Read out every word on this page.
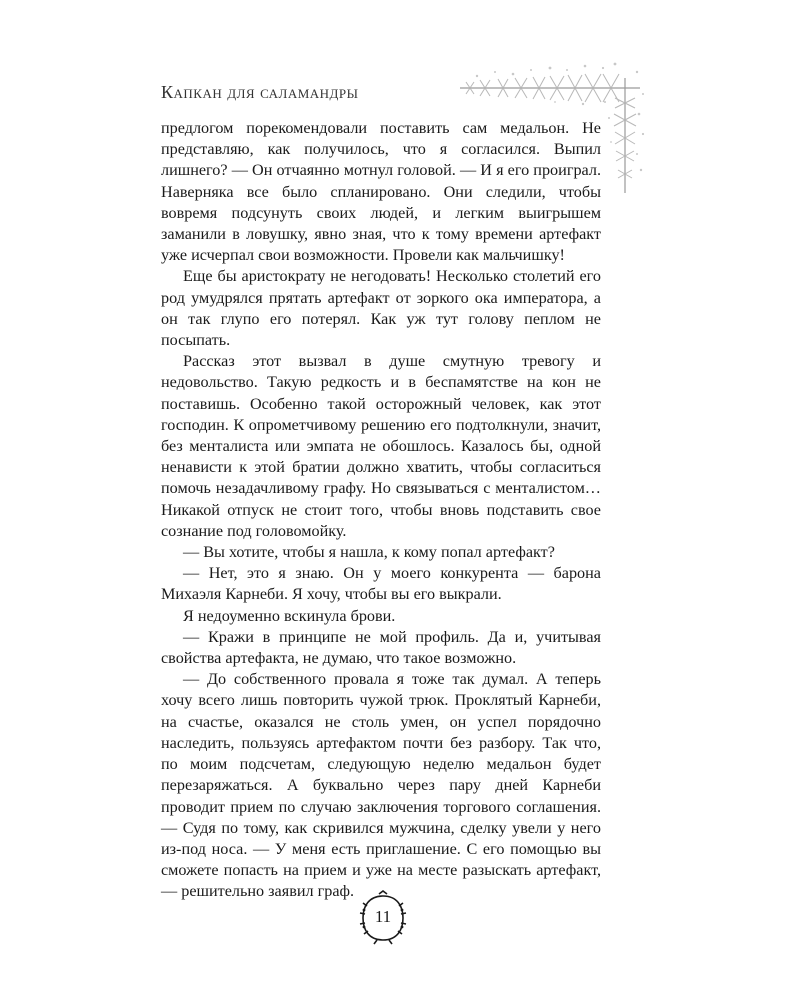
Капкан для саламандры

предлогом порекомендовали поставить сам медальон. Не представляю, как получилось, что я согласился. Выпил лишнего? — Он отчаянно мотнул головой. — И я его проиграл. Наверняка все было спланировано. Они следили, чтобы вовремя подсунуть своих людей, и легким выигрышем заманили в ловушку, явно зная, что к тому времени артефакт уже исчерпал свои возможности. Провели как мальчишку!

Еще бы аристократу не негодовать! Несколько столетий его род умудрялся прятать артефакт от зоркого ока императора, а он так глупо его потерял. Как уж тут голову пеплом не посыпать.

Рассказ этот вызвал в душе смутную тревогу и недовольство. Такую редкость и в беспамятстве на кон не поставишь. Особенно такой осторожный человек, как этот господин. К опрометчивому решению его подтолкнули, значит, без менталиста или эмпата не обошлось. Казалось бы, одной ненависти к этой братии должно хватить, чтобы согласиться помочь незадачливому графу. Но связываться с менталистом… Никакой отпуск не стоит того, чтобы вновь подставить свое сознание под головомойку.

— Вы хотите, чтобы я нашла, к кому попал артефакт?

— Нет, это я знаю. Он у моего конкурента — барона Михаэля Карнеби. Я хочу, чтобы вы его выкрали.

Я недоуменно вскинула брови.

— Кражи в принципе не мой профиль. Да и, учитывая свойства артефакта, не думаю, что такое возможно.

— До собственного провала я тоже так думал. А теперь хочу всего лишь повторить чужой трюк. Проклятый Карнеби, на счастье, оказался не столь умен, он успел порядочно наследить, пользуясь артефактом почти без разбору. Так что, по моим подсчетам, следующую неделю медальон будет перезаряжаться. А буквально через пару дней Карнеби проводит прием по случаю заключения торгового соглашения. — Судя по тому, как скривился мужчина, сделку увели у него из-под носа. — У меня есть приглашение. С его помощью вы сможете попасть на прием и уже на месте разыскать артефакт, — решительно заявил граф.

11
